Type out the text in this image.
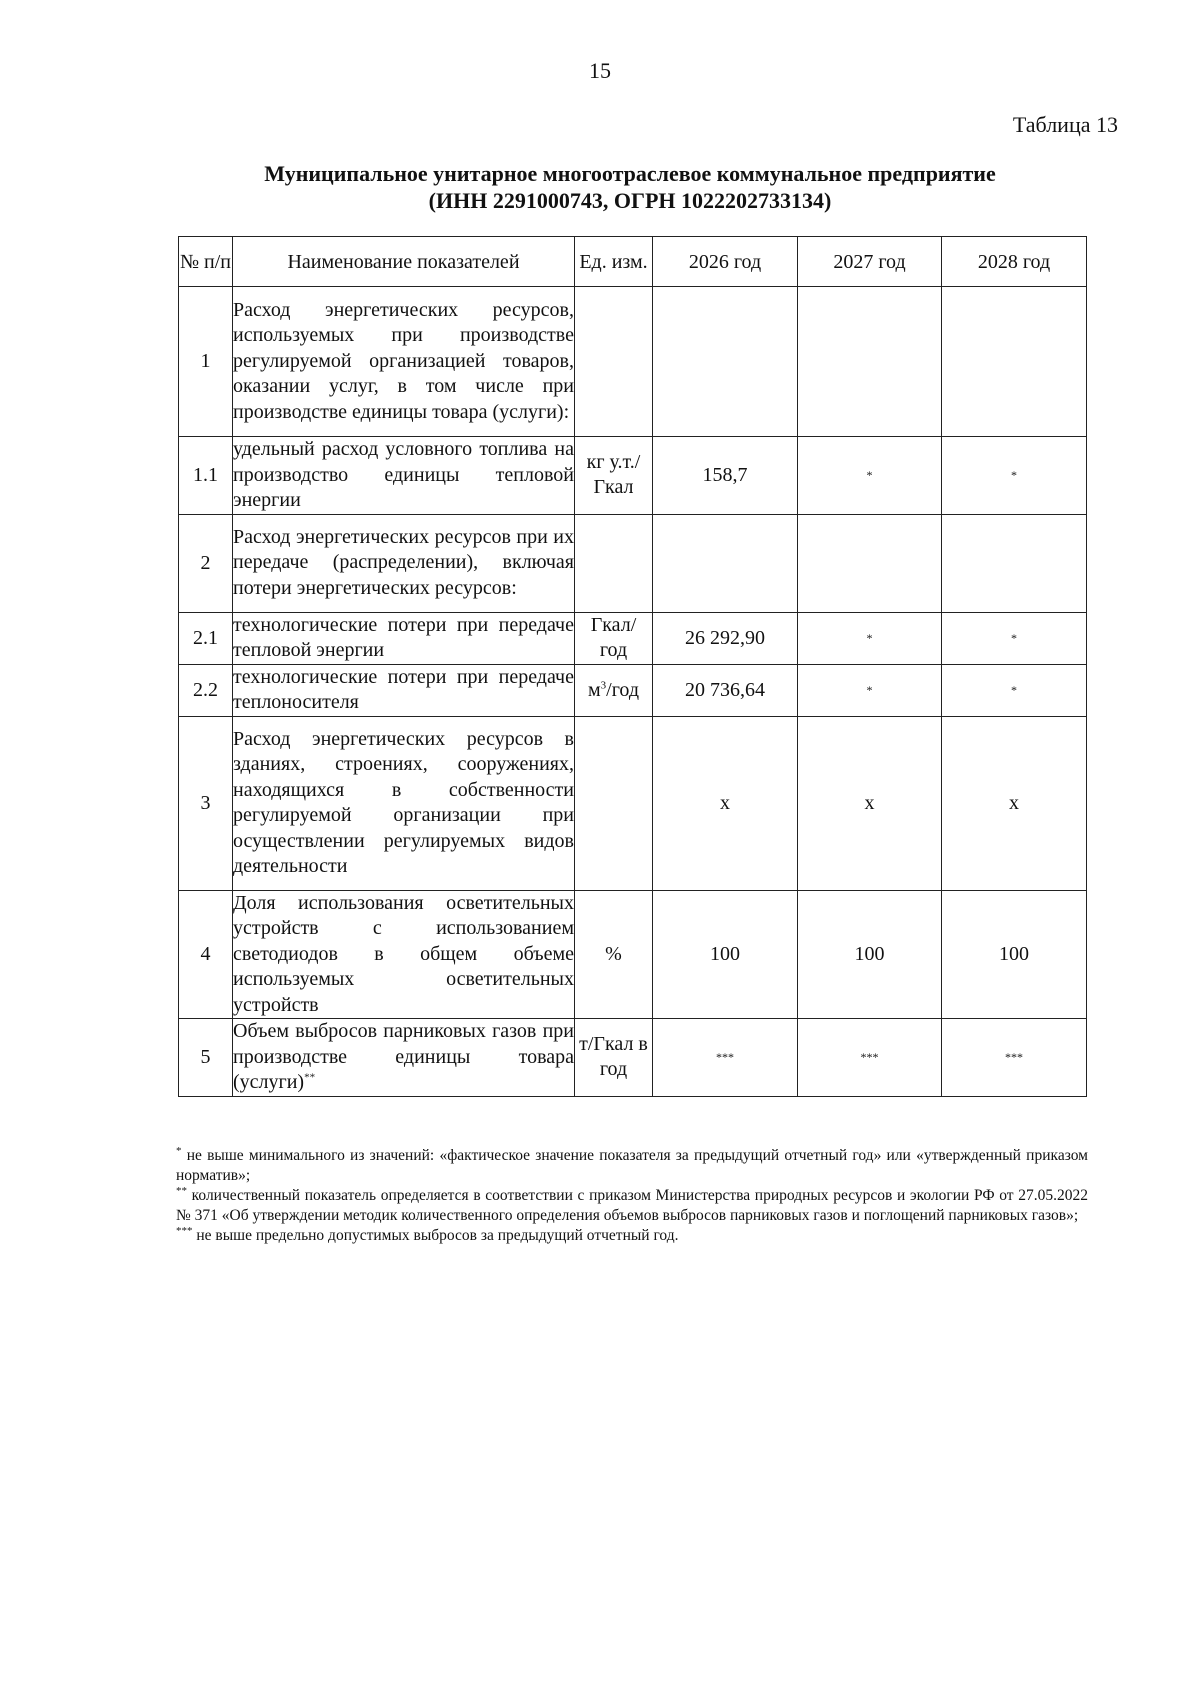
15
Таблица 13
Муниципальное унитарное многоотраслевое коммунальное предприятие
(ИНН 2291000743, ОГРН 1022202733134)
№ п/п	Наименование показателей	Ед. изм.	2026 год	2027 год	2028 год
1	Расход энергетических ресурсов, используемых при производстве регулируемой организацией товаров, оказании услуг, в том числе при производстве единицы товара (услуги):				
1.1	удельный расход условного топлива на производство единицы тепловой энергии	кг у.т./ Гкал	158,7	*	*
2	Расход энергетических ресурсов при их передаче (распределении), включая потери энергетических ресурсов:				
2.1	технологические потери при передаче тепловой энергии	Гкал/ год	26 292,90	*	*
2.2	технологические потери при передаче теплоносителя	$м^3$/год	20 736,64	*	*
3	Расход энергетических ресурсов в зданиях, строениях, сооружениях, находящихся в собственности регулируемой организации при осуществлении регулируемых видов деятельности		х	х	х
4	Доля использования осветительных устройств с использованием светодиодов в общем объеме используемых осветительных устройств	%	100	100	100
5	Объем выбросов парниковых газов при производстве единицы товара (услуги)**	т/Гкал в год	***	***	***

* не выше минимального из значений: «фактическое значение показателя за предыдущий отчетный год» или «утвержденный приказом норматив»;

** количественный показатель определяется в соответствии с приказом Министерства природных ресурсов и экологии РФ от 27.05.2022 № 371 «Об утверждении методик количественного определения объемов выбросов парниковых газов и поглощений парниковых газов»;

*** не выше предельно допустимых выбросов за предыдущий отчетный год.
